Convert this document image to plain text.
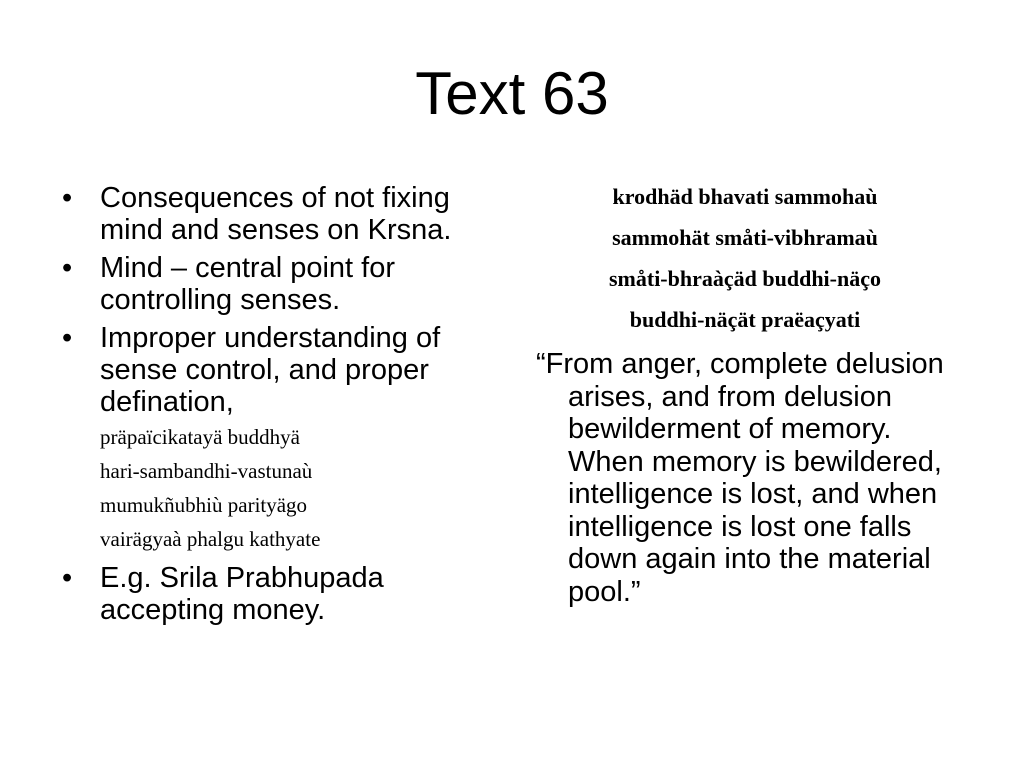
Text 63
• Consequences of not fixing mind and senses on Krsna.
• Mind – central point for controlling senses.
• Improper understanding of sense control, and proper defination,
präpaïcikatayä buddhyä
hari-sambandhi-vastunaù
mumukñubhiù parityägo
vairägyaà phalgu kathyate
• E.g. Srila Prabhupada accepting money.
krodhäd bhavati sammohaù
sammohät småti-vibhramaù
småti-bhraàçäd buddhi-näço
buddhi-näçät praëaçyati
“From anger, complete delusion arises, and from delusion bewilderment of memory. When memory is bewildered, intelligence is lost, and when intelligence is lost one falls down again into the material pool.”
